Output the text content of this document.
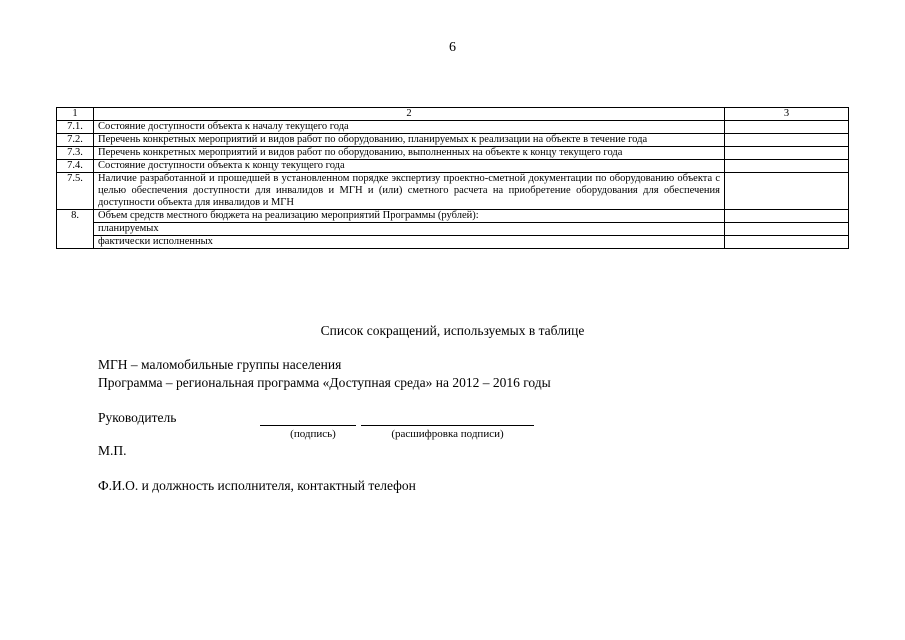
6
1	2	3
7.1.	Состояние доступности объекта к началу текущего года	
7.2.	Перечень конкретных мероприятий и видов работ по оборудованию, планируемых к реализации на объекте в течение года	
7.3.	Перечень конкретных мероприятий и видов работ по оборудованию, выполненных на объекте к концу текущего года	
7.4.	Состояние доступности объекта к концу текущего года	
7.5.	Наличие разработанной и прошедшей в установленном порядке экспертизу проектно-сметной документации по оборудованию объекта с целью обеспечения доступности для инвалидов и МГН и (или) сметного расчета на приобретение оборудования для обеспечения доступности объекта для инвалидов и МГН	
8.	Объем средств местного бюджета на реализацию мероприятий Программы (рублей):	
	планируемых	
	фактически исполненных	
Список сокращений, используемых в таблице
МГН – маломобильные группы населения
Программа – региональная программа «Доступная среда» на 2012 – 2016 годы
Руководитель
(подпись)	(расшифровка подписи)
М.П.
Ф.И.О. и должность исполнителя, контактный телефон
